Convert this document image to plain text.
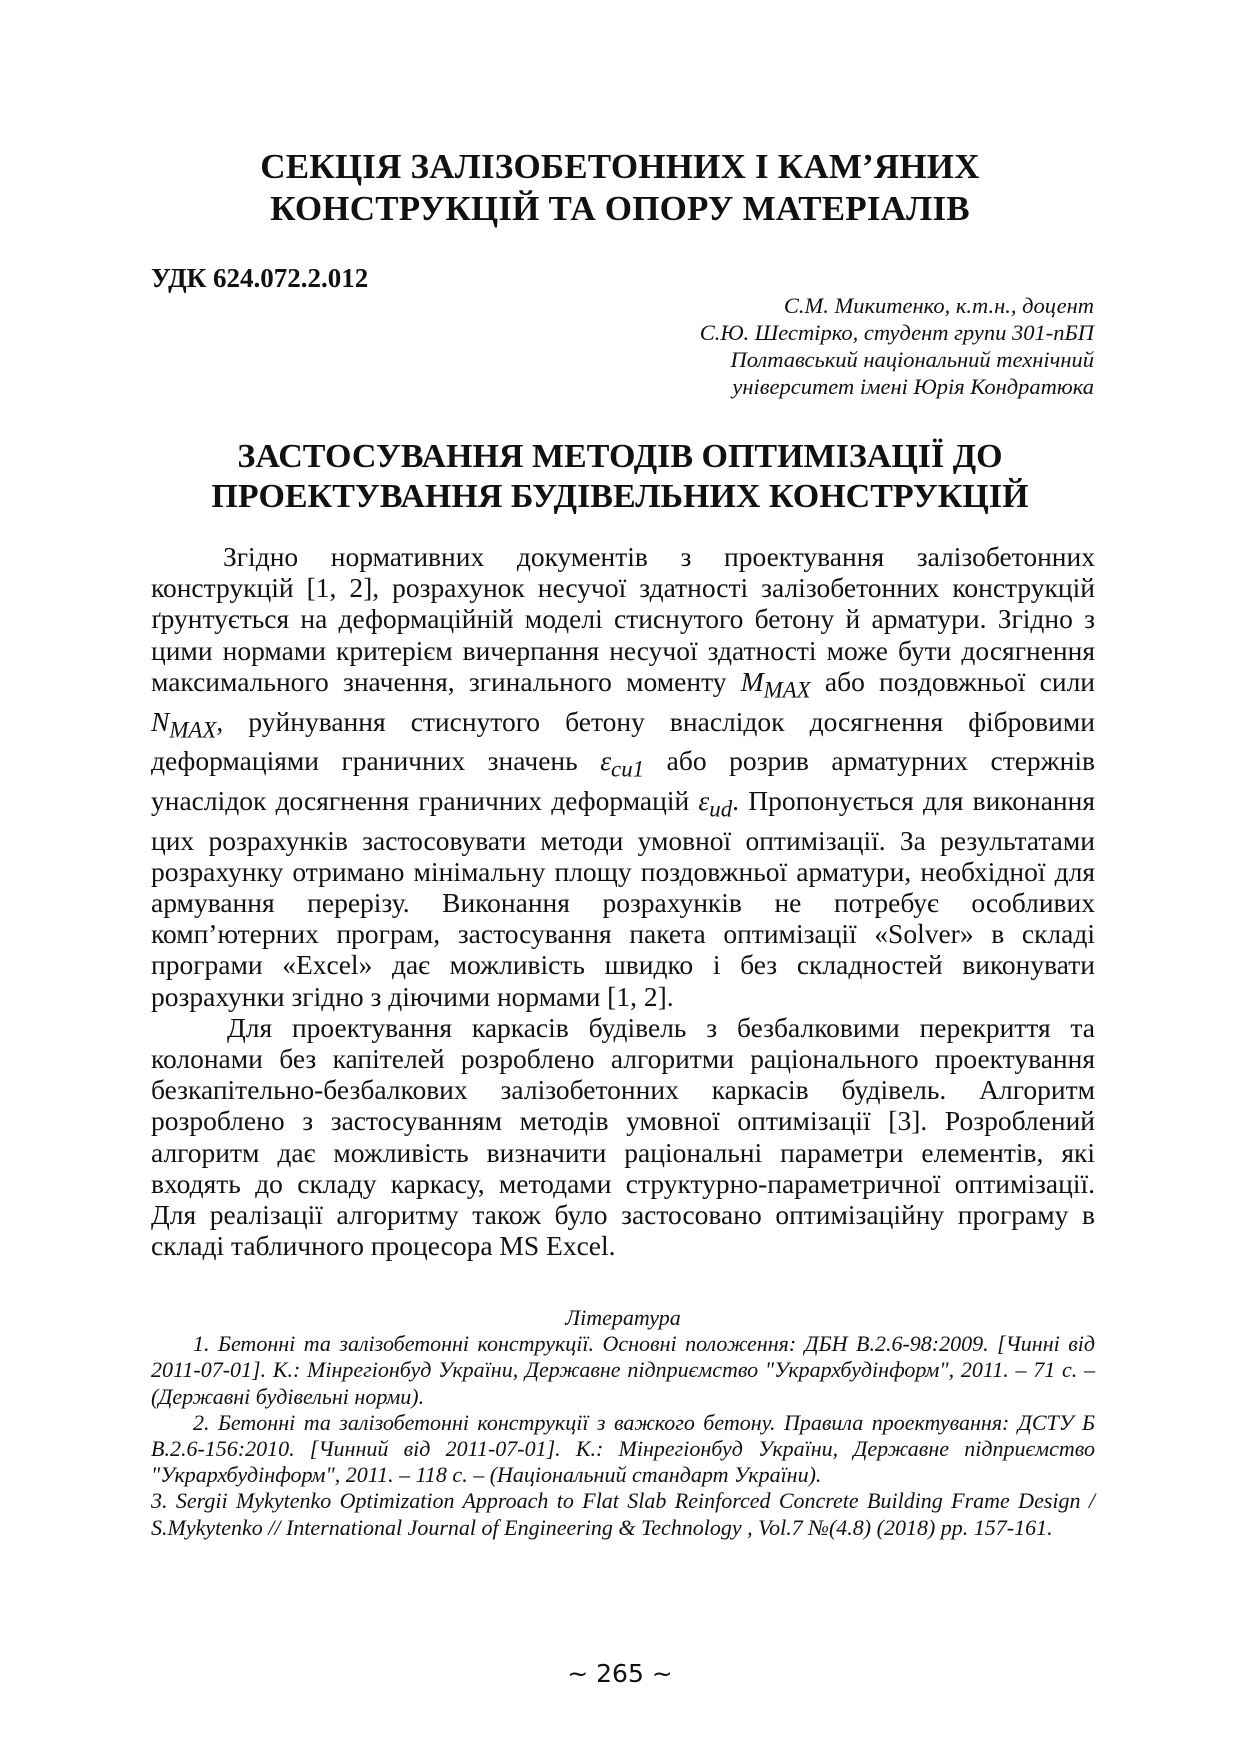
СЕКЦІЯ ЗАЛІЗОБЕТОННИХ І КАМ’ЯНИХ
КОНСТРУКЦІЙ ТА ОПОРУ МАТЕРІАЛІВ
УДК 624.072.2.012
С.М. Микитенко, к.т.н., доцент
С.Ю. Шестірко, студент групи 301-пБП
Полтавський національний технічний
університет імені Юрія Кондратюка
ЗАСТОСУВАННЯ МЕТОДІВ ОПТИМІЗАЦІЇ ДО
ПРОЕКТУВАННЯ БУДІВЕЛЬНИХ КОНСТРУКЦІЙ

Згідно нормативних документів з проектування залізобетонних конструкцій [1, 2], розрахунок несучої здатності залізобетонних конструкцій ґрунтується на деформаційній моделі стиснутого бетону й арматури. Згідно з цими нормами критерієм вичерпання несучої здатності може бути досягнення максимального значення, згинального моменту $M_{MAX}$ або поздовжньої сили $N_{MAX}$, руйнування стиснутого бетону внаслідок досягнення фібровими деформаціями граничних значень $\varepsilon_{cu1}$ або розрив арматурних стержнів унаслідок досягнення граничних деформацій $\varepsilon_{ud}$. Пропонується для виконання цих розрахунків застосовувати методи умовної оптимізації. За результатами розрахунку отримано мінімальну площу поздовжньої арматури, необхідної для армування перерізу. Виконання розрахунків не потребує особливих комп’ютерних програм, застосування пакета оптимізації «Solver» в складі програми «Excel» дає можливість швидко і без складностей виконувати розрахунки згідно з діючими нормами [1, 2].

Для проектування каркасів будівель з безбалковими перекриття та колонами без капітелей розроблено алгоритми раціонального проектування безкапітельно-безбалкових залізобетонних каркасів будівель. Алгоритм розроблено з застосуванням методів умовної оптимізації [3]. Розроблений алгоритм дає можливість визначити раціональні параметри елементів, які входять до складу каркасу, методами структурно-параметричної оптимізації. Для реалізації алгоритму також було застосовано оптимізаційну програму в складі табличного процесора MS Excel.

Література

1. Бетонні та залізобетонні конструкції. Основні положення: ДБН В.2.6-98:2009. [Чинні від 2011-07-01]. К.: Мінрегіонбуд України, Державне підприємство "Укрархбудінформ", 2011. – 71 с. – (Державні будівельні норми).

2. Бетонні та залізобетонні конструкції з важкого бетону. Правила проектування: ДСТУ Б В.2.6-156:2010. [Чинний від 2011-07-01]. К.: Мінрегіонбуд України, Державне підприємство "Укрархбудінформ", 2011. – 118 с. – (Національний стандарт України).

3. Sergii Mykytenko Optimization Approach to Flat Slab Reinforced Concrete Building Frame Design / S.Mykytenko // International Journal of Engineering & Technology , Vol.7 №(4.8) (2018) pp. 157-161.

~ 265 ~
